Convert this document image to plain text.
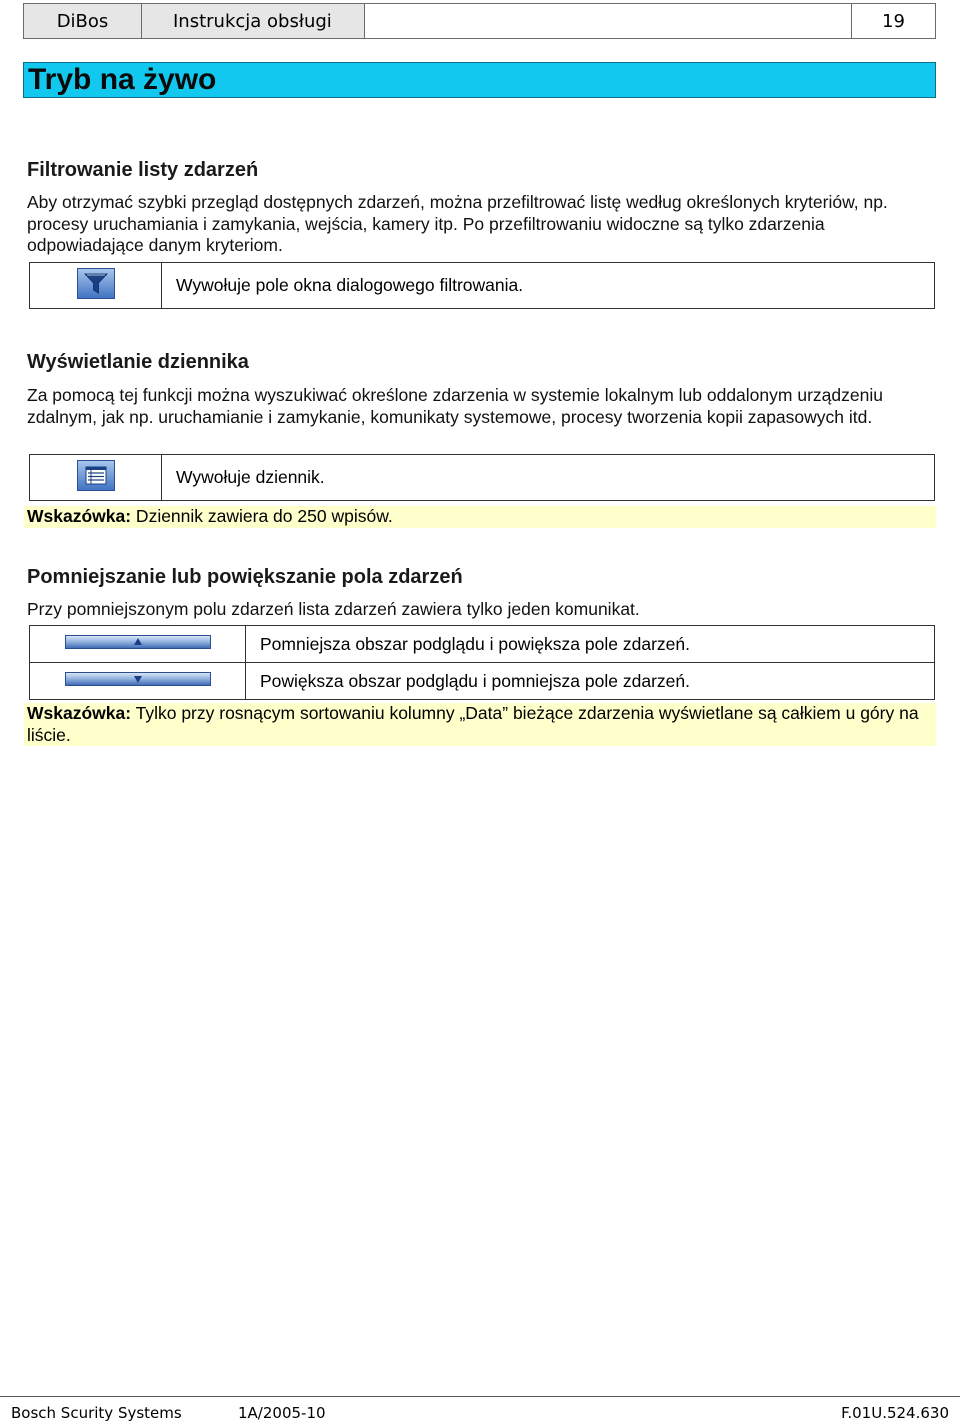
DiBos	Instrukcja obsługi	19
Tryb na żywo
Filtrowanie listy zdarzeń

Aby otrzymać szybki przegląd dostępnych zdarzeń, można przefiltrować listę według określonych kryteriów, np. procesy uruchamiania i zamykania, wejścia, kamery itp. Po przefiltrowaniu widoczne są tylko zdarzenia odpowiadające danym kryteriom.

Wywołuje pole okna dialogowego filtrowania.
Wyświetlanie dziennika

Za pomocą tej funkcji można wyszukiwać określone zdarzenia w systemie lokalnym lub oddalonym urządzeniu zdalnym, jak np. uruchamianie i zamykanie, komunikaty systemowe, procesy tworzenia kopii zapasowych itd.

Wywołuje dziennik.
Wskazówka: Dziennik zawiera do 250 wpisów.
Pomniejszanie lub powiększanie pola zdarzeń

Przy pomniejszonym polu zdarzeń lista zdarzeń zawiera tylko jeden komunikat.

Pomniejsza obszar podglądu i powiększa pole zdarzeń.
Powiększa obszar podglądu i pomniejsza pole zdarzeń.
Wskazówka: Tylko przy rosnącym sortowaniu kolumny „Data” bieżące zdarzenia wyświetlane są całkiem u góry na liście.
Bosch Scurity Systems	1A/2005-10	F.01U.524.630
